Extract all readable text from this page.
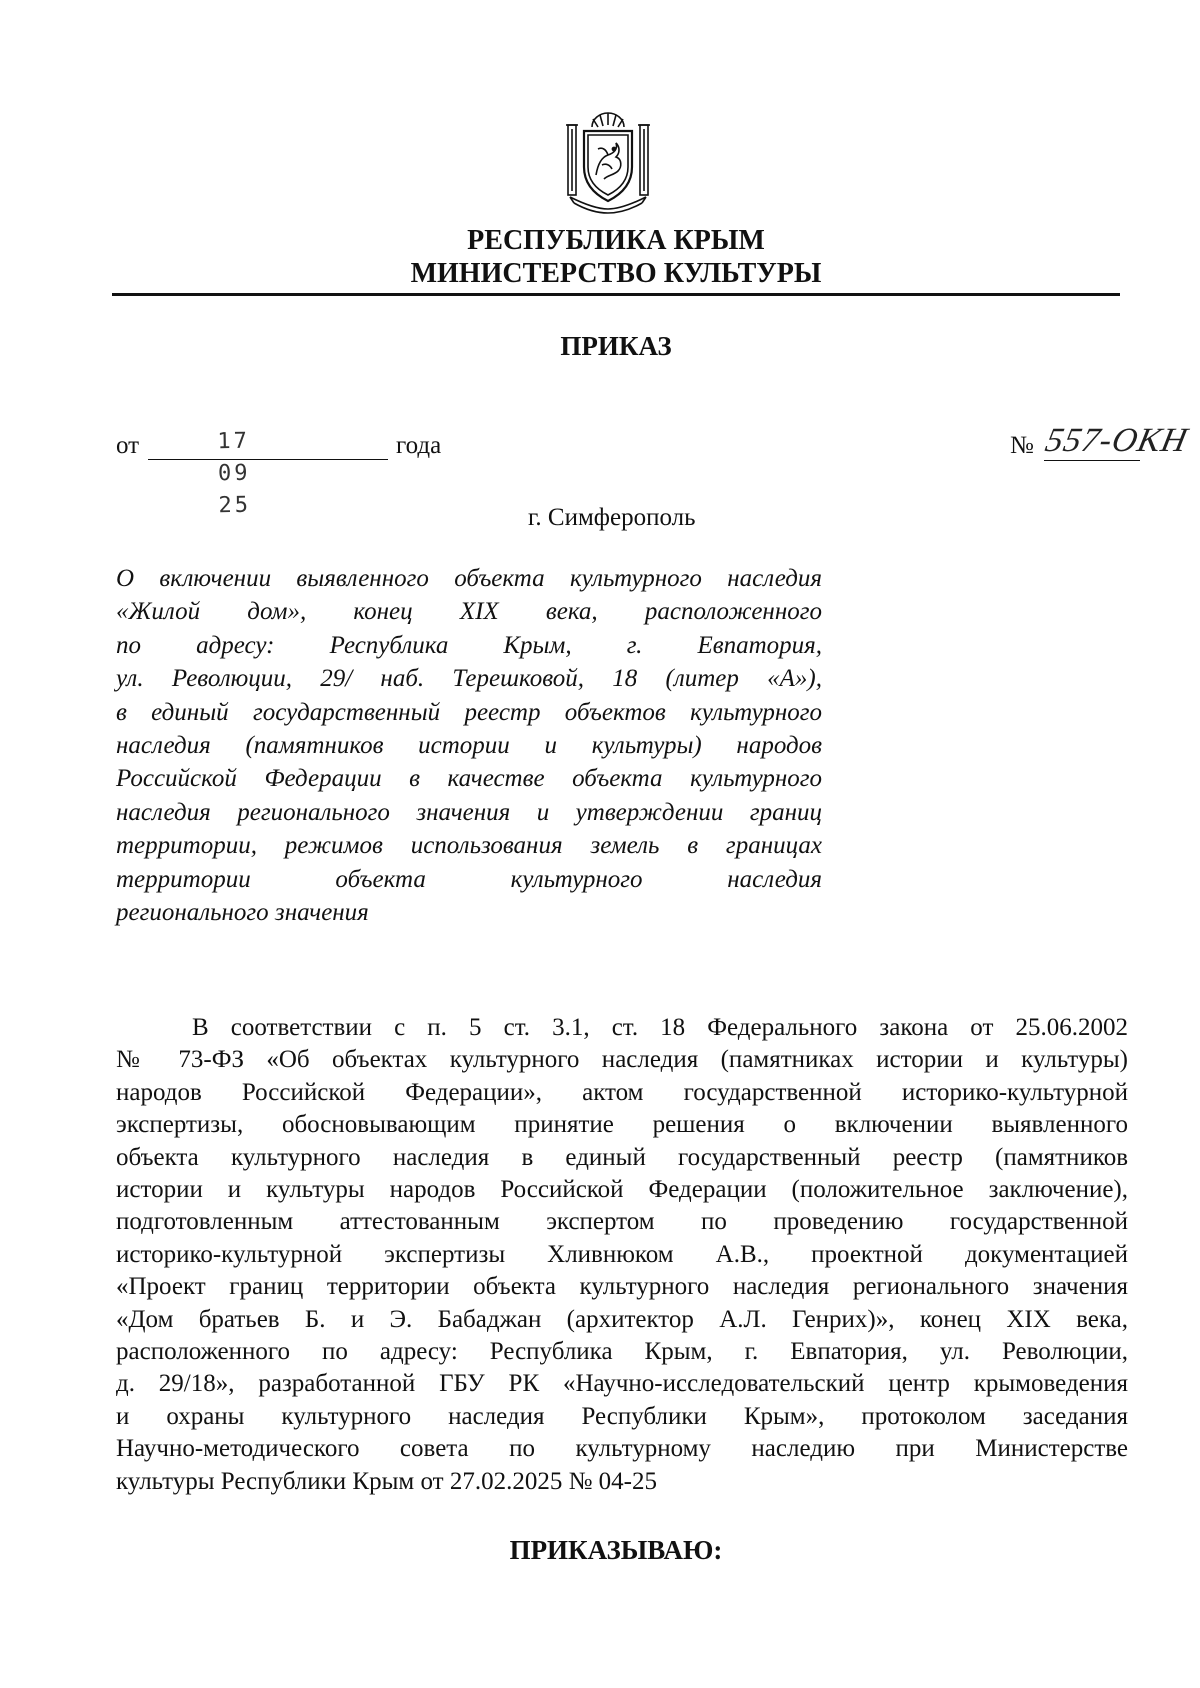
РЕСПУБЛИКА КРЫМ
МИНИСТЕРСТВО КУЛЬТУРЫ
ПРИКАЗ
от	17 09 25
года	№ 557-ОКН
г. Симферополь
О включении выявленного объекта культурного наследия
«Жилой дом», конец XIX века, расположенного
по адресу: Республика Крым, г. Евпатория,
ул. Революции, 29/ наб. Терешковой, 18 (литер «А»),
в единый государственный реестр объектов культурного
наследия (памятников истории и культуры) народов
Российской Федерации в качестве объекта культурного
наследия регионального значения и утверждении границ
территории, режимов использования земель в границах
территории объекта культурного наследия
регионального значения
В соответствии с п. 5 ст. 3.1, ст. 18 Федерального закона от 25.06.2002
№ 73-ФЗ «Об объектах культурного наследия (памятниках истории и культуры)
народов Российской Федерации», актом государственной историко-культурной
экспертизы, обосновывающим принятие решения о включении выявленного
объекта культурного наследия в единый государственный реестр (памятников
истории и культуры народов Российской Федерации (положительное заключение),
подготовленным аттестованным экспертом по проведению государственной
историко-культурной экспертизы Хливнюком А.В., проектной документацией
«Проект границ территории объекта культурного наследия регионального значения
«Дом братьев Б. и Э. Бабаджан (архитектор А.Л. Генрих)», конец XIX века,
расположенного по адресу: Республика Крым, г. Евпатория, ул. Революции,
д. 29/18», разработанной ГБУ РК «Научно-исследовательский центр крымоведения
и охраны культурного наследия Республики Крым», протоколом заседания
Научно-методического совета по культурному наследию при Министерстве
культуры Республики Крым от 27.02.2025 № 04-25
ПРИКАЗЫВАЮ:
